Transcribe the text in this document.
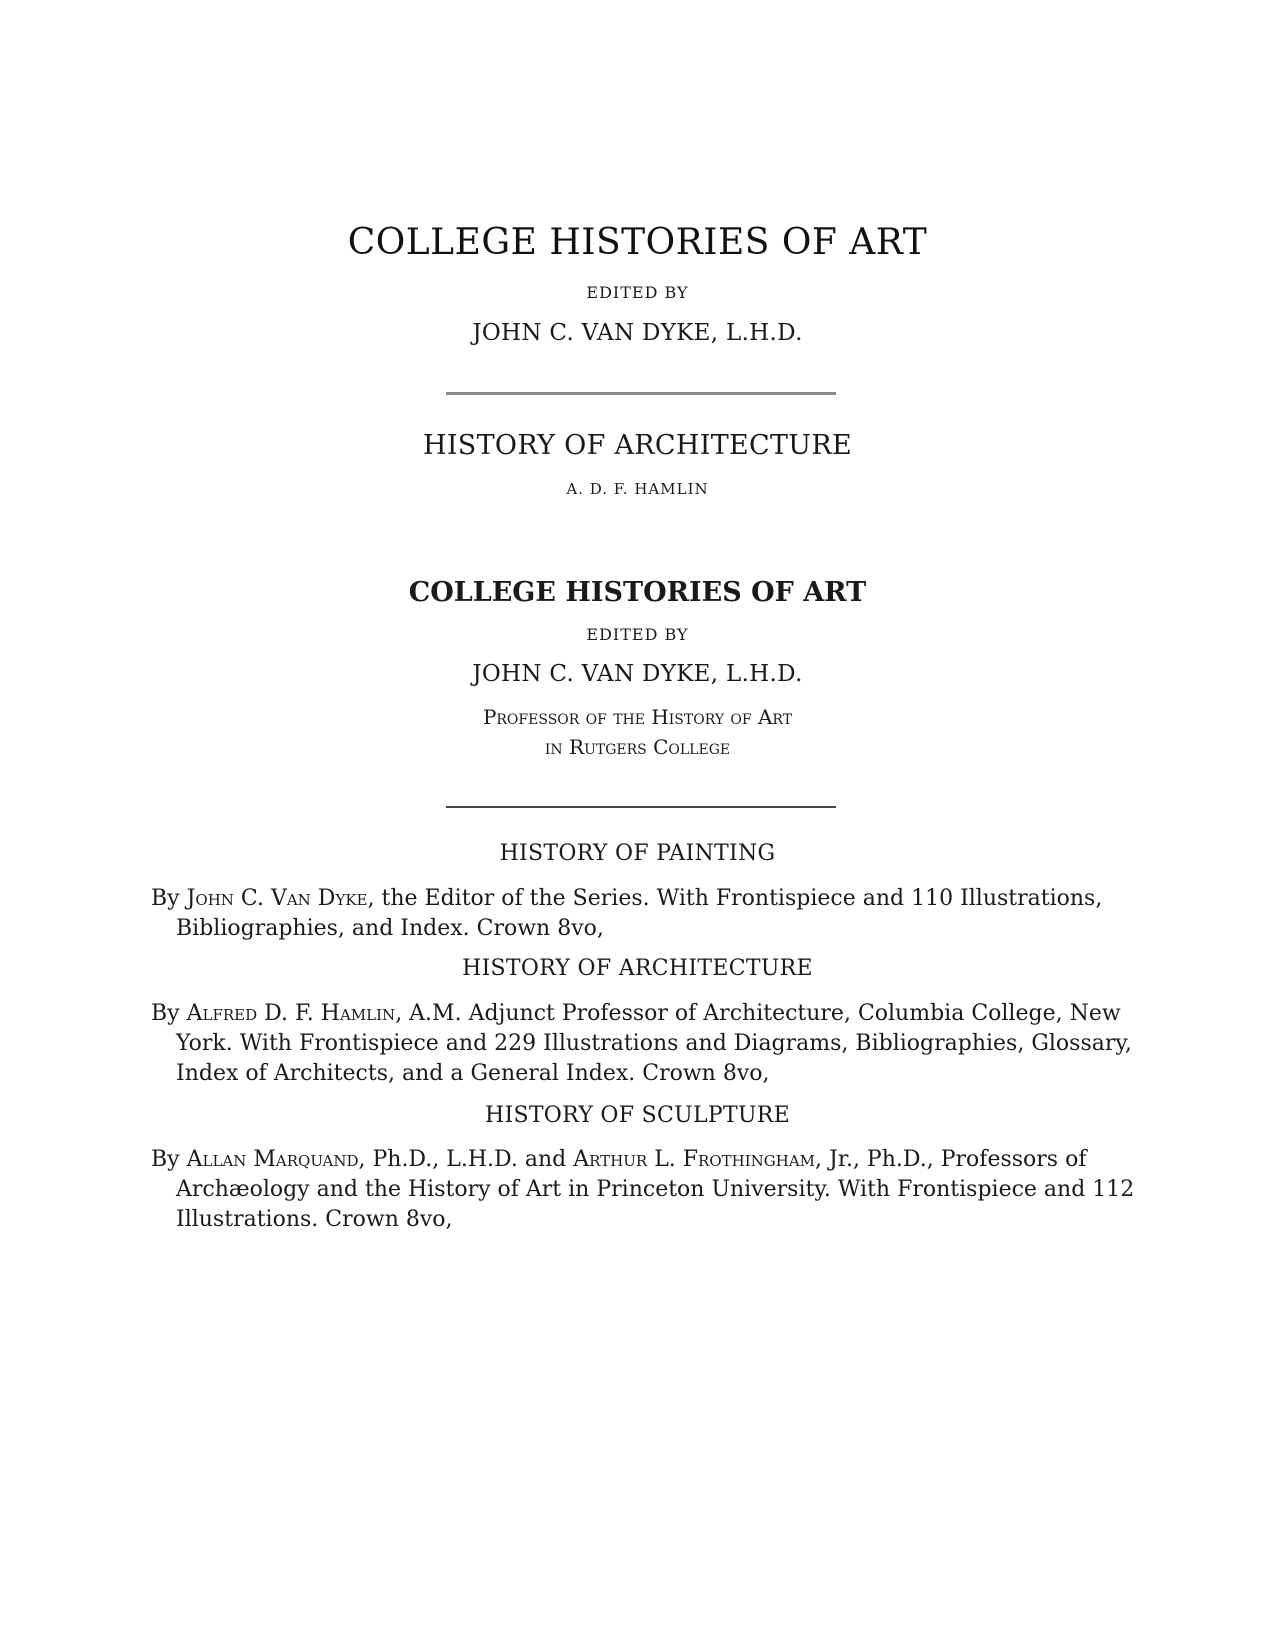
COLLEGE HISTORIES OF ART
EDITED BY
JOHN C. VAN DYKE, L.H.D.
HISTORY OF ARCHITECTURE
A. D. F. HAMLIN
COLLEGE HISTORIES OF ART
EDITED BY
JOHN C. VAN DYKE, L.H.D.
Professor of the History of Art
in Rutgers College
HISTORY OF PAINTING
By John C. Van Dyke, the Editor of the Series. With Frontispiece and 110 Illustrations, Bibliographies, and Index. Crown 8vo,
HISTORY OF ARCHITECTURE
By Alfred D. F. Hamlin, A.M. Adjunct Professor of Architecture, Columbia College, New York. With Frontispiece and 229 Illustrations and Diagrams, Bibliographies, Glossary, Index of Architects, and a General Index. Crown 8vo,
HISTORY OF SCULPTURE
By Allan Marquand, Ph.D., L.H.D. and Arthur L. Frothingham, Jr., Ph.D., Professors of Archæology and the History of Art in Princeton University. With Frontispiece and 112 Illustrations. Crown 8vo,
